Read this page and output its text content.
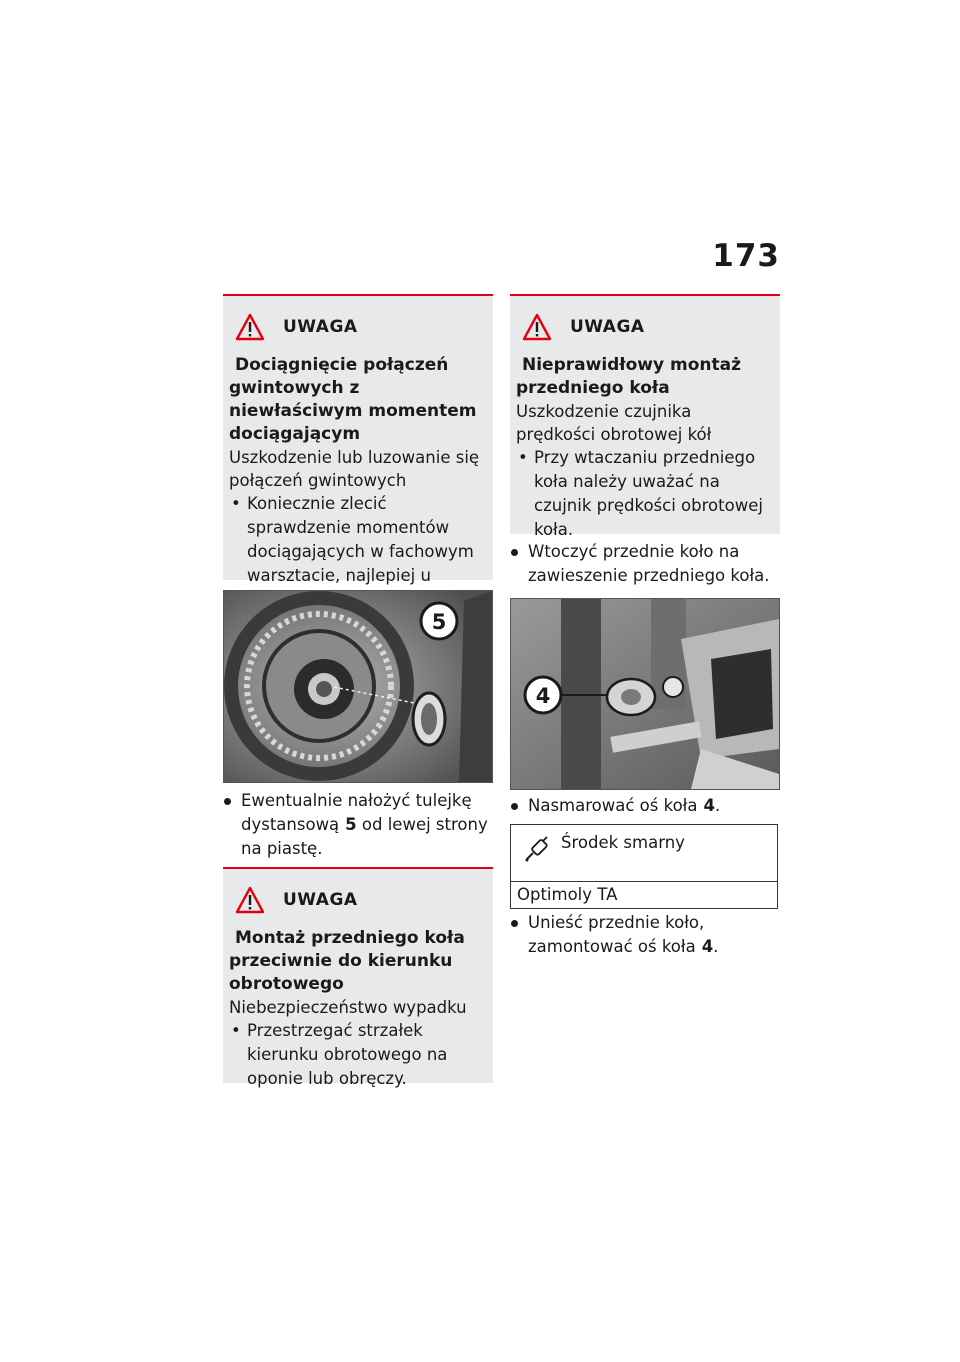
173
UWAGA
Dociągnięcie połączeń gwintowych z niewłaściwym momentem dociągającym
Uszkodzenie lub luzowanie się połączeń gwintowych
• Koniecznie zlecić sprawdzenie momentów dociągających w fachowym warsztacie, najlepiej u
5
Ewentualnie nałożyć tulejkę dystansową 5 od lewej strony na piastę.
UWAGA
Montaż przedniego koła przeciwnie do kierunku obrotowego
Niebezpieczeństwo wypadku
• Przestrzegać strzałek kierunku obrotowego na oponie lub obręczy.
UWAGA
Nieprawidłowy montaż przedniego koła
Uszkodzenie czujnika prędkości obrotowej kół
• Przy wtaczaniu przedniego koła należy uważać na czujnik prędkości obrotowej koła.
Wtoczyć przednie koło na zawieszenie przedniego koła.
4
Nasmarować oś koła 4.
Środek smarny
Optimoly TA
Unieść przednie koło, zamontować oś koła 4.
